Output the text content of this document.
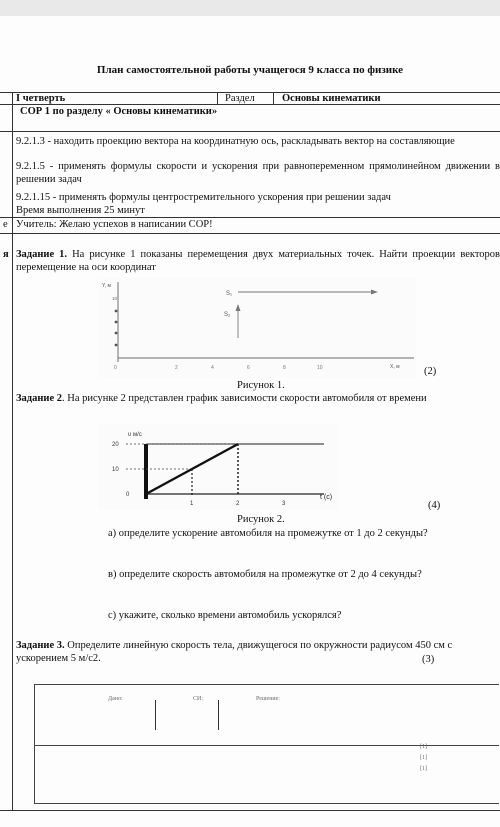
План самостоятельной работы учащегося 9 класса по физике
I четверть	Раздел	Основы кинематики
СОР 1 по разделу « Основы кинематики»
9.2.1.3 - находить проекцию вектора на координатную ось, раскладывать вектор на составляющие
9.2.1.5 - применять формулы скорости и ускорения при равнопеременном прямолинейном движении в решении задач
9.2.1.15 - применять формулы центростремительного ускорения при решении задач
Время выполнения 25 минут
е Учитель: Желаю успехов в написании СОР!
я Задание 1. На рисунке 1 показаны перемещения двух материальных точек. Найти проекции векторов перемещение на оси координат
Y, м
X, м
10
0	2	4	6	8	10
S₁
S₂
(2)
Рисунок 1.
Задание 2. На рисунке 2 представлен график зависимости скорости автомобиля от времени
υ м/с
20
10
0
1	2	3
t (c)
(4)
Рисунок 2.
а) определите ускорение автомобиля на промежутке от 1 до 2 секунды?
в) определите скорость автомобиля на промежутке от 2 до 4 секунды?
с) укажите, сколько времени автомобиль ускорялся?
Задание 3. Определите линейную скорость тела, движущегося по окружности радиусом 450 см с ускорением 5 м/с2.	(3)
Дано:	СИ:	Решение:
[1]
[1]
[1]
